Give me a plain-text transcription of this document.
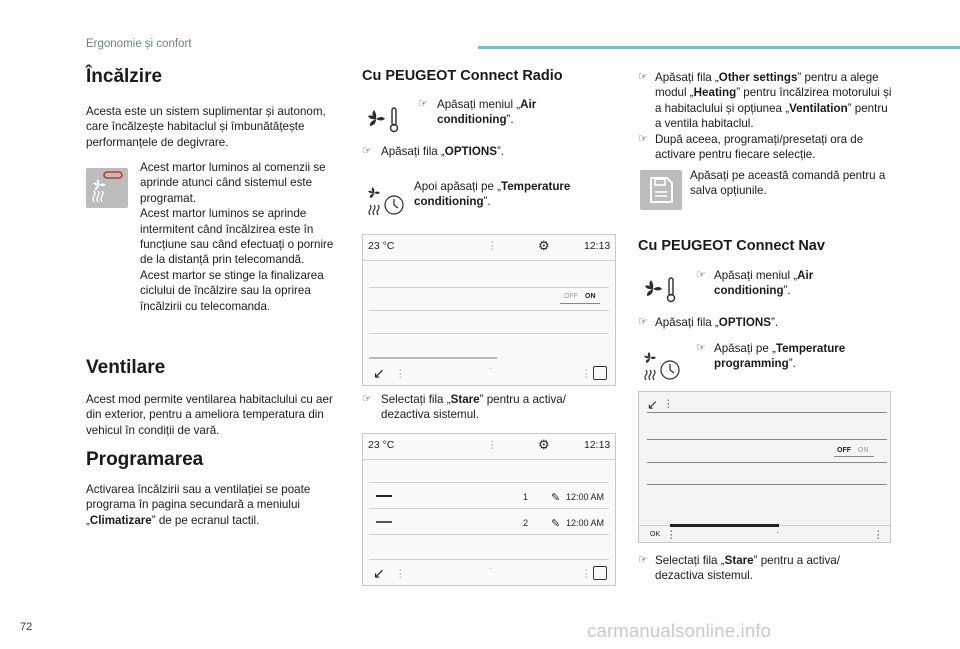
Ergonomie și confort
Încălzire
Acesta este un sistem suplimentar și autonom, care încălzește habitaclul și îmbunătățește performanțele de degivrare.
Acest martor luminos al comenzii se aprinde atunci când sistemul este programat.
Acest martor luminos se aprinde intermitent când încălzirea este în funcțiune sau când efectuați o pornire de la distanță prin telecomandă.
Acest martor se stinge la finalizarea ciclului de încălzire sau la oprirea încălzirii cu telecomanda.
Ventilare
Acest mod permite ventilarea habitaclului cu aer din exterior, pentru a ameliora temperatura din vehicul în condiții de vară.
Programarea
Activarea încălzirii sau a ventilației se poate programa în pagina secundară a meniului „Climatizare” de pe ecranul tactil.
Cu PEUGEOT Connect Radio
☞ Apăsați meniul „Air conditioning”.
☞ Apăsați fila „OPTIONS”.
Apoi apăsați pe „Temperature conditioning”.
23 °C	⋮	⚙	12:13
OFF ON
↙ ⋮	·	⋮
☞ Selectați fila „Stare” pentru a activa/ dezactiva sistemul.
23 °C	⋮	⚙	12:13
1 ✎ 12:00 AM
2 ✎ 12:00 AM
↙ ⋮	·	⋮
☞ Apăsați fila „Other settings” pentru a alege modul „Heating” pentru încălzirea motorului și a habitaclului și opțiunea „Ventilation” pentru a ventila habitaclul.
☞ După aceea, programați/presetați ora de activare pentru fiecare selecție.
Apăsați pe această comandă pentru a salva opțiunile.
Cu PEUGEOT Connect Nav
☞ Apăsați meniul „Air conditioning”.
☞ Apăsați fila „OPTIONS”.
☞ Apăsați pe „Temperature programming”.
↙ ⋮
OFF ON
OK ⋮	·	⋮
☞ Selectați fila „Stare” pentru a activa/ dezactiva sistemul.
72	carmanualsonline.info
